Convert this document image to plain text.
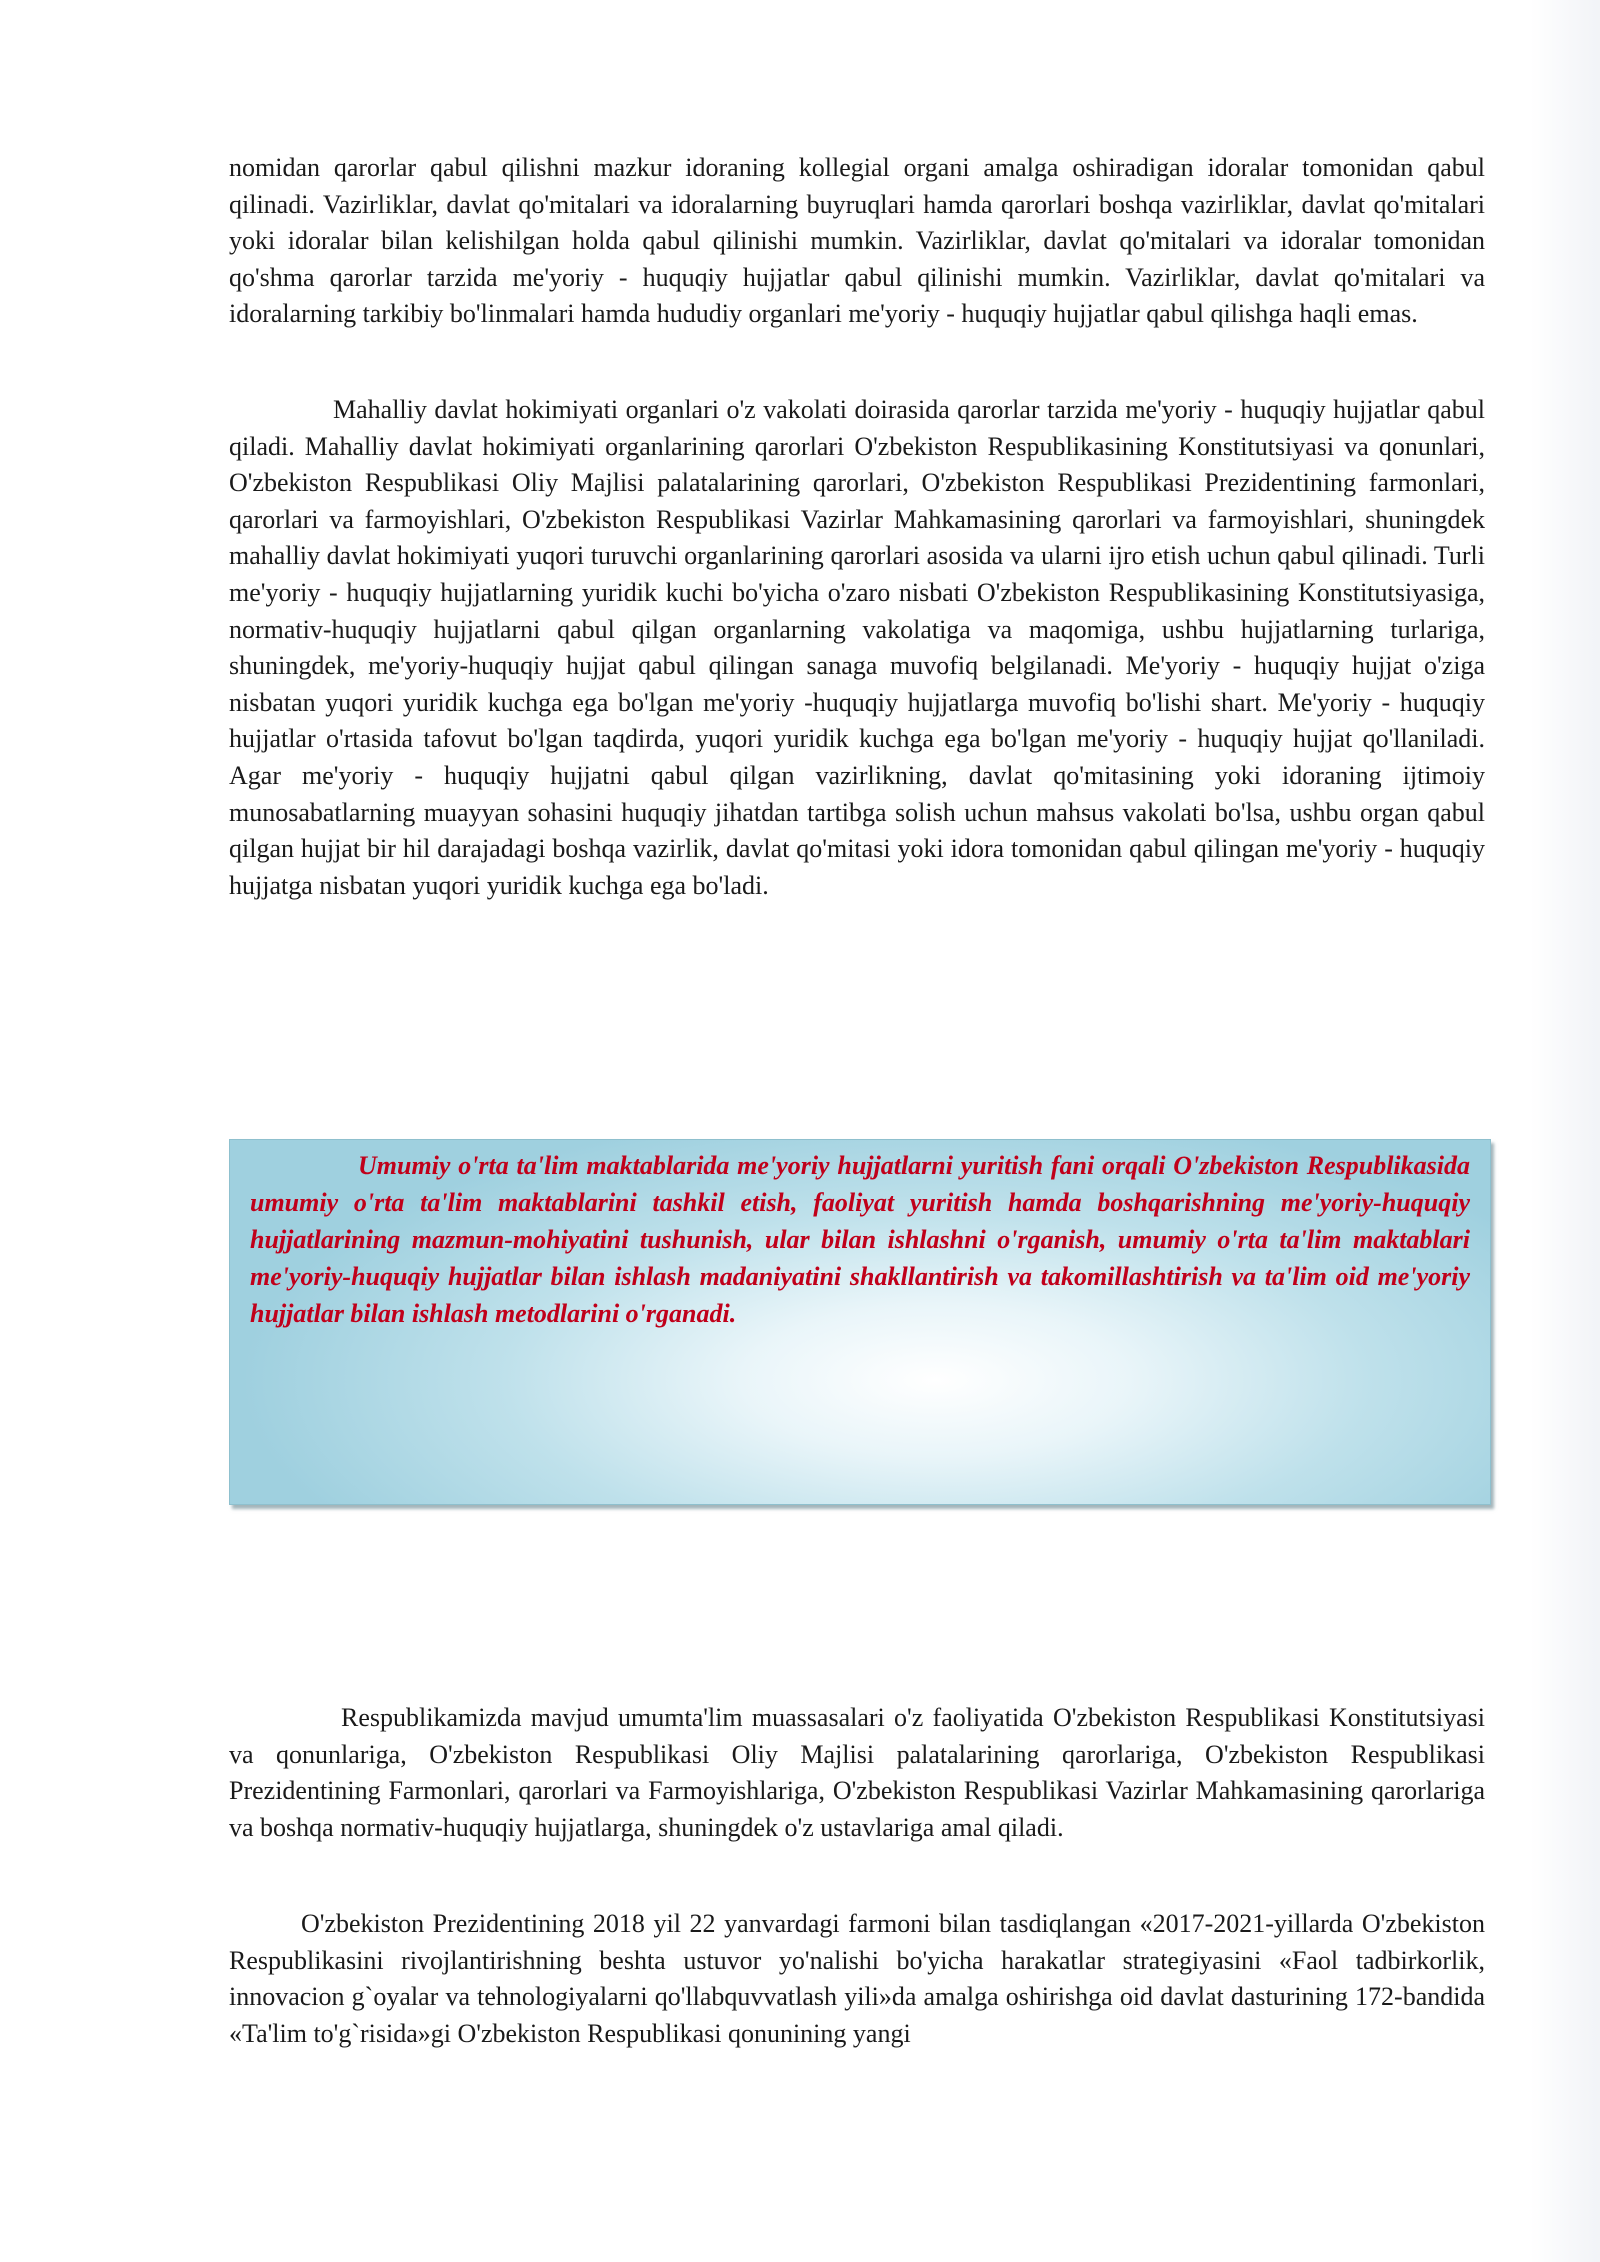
nomidan qarorlar qabul qilishni mazkur idoraning kollegial organi amalga oshiradigan idoralar tomonidan qabul qilinadi. Vazirliklar, davlat qo'mitalari va idoralarning buyruqlari hamda qarorlari boshqa vazirliklar, davlat qo'mitalari yoki idoralar bilan kelishilgan holda qabul qilinishi mumkin. Vazirliklar, davlat qo'mitalari va idoralar tomonidan qo'shma qarorlar tarzida me'yoriy - huquqiy hujjatlar qabul qilinishi mumkin. Vazirliklar, davlat qo'mitalari va idoralarning tarkibiy bo'linmalari hamda hududiy organlari me'yoriy - huquqiy hujjatlar qabul qilishga haqli emas.

Mahalliy davlat hokimiyati organlari o'z vakolati doirasida qarorlar tarzida me'yoriy - huquqiy hujjatlar qabul qiladi. Mahalliy davlat hokimiyati organlarining qarorlari O'zbekiston Respublikasining Konstitutsiyasi va qonunlari, O'zbekiston Respublikasi Oliy Majlisi palatalarining qarorlari, O'zbekiston Respublikasi Prezidentining farmonlari, qarorlari va farmoyishlari, O'zbekiston Respublikasi Vazirlar Mahkamasining qarorlari va farmoyishlari, shuningdek mahalliy davlat hokimiyati yuqori turuvchi organlarining qarorlari asosida va ularni ijro etish uchun qabul qilinadi. Turli me'yoriy - huquqiy hujjatlarning yuridik kuchi bo'yicha o'zaro nisbati O'zbekiston Respublikasining Konstitutsiyasiga, normativ-huquqiy hujjatlarni qabul qilgan organlarning vakolatiga va maqomiga, ushbu hujjatlarning turlariga, shuningdek, me'yoriy-huquqiy hujjat qabul qilingan sanaga muvofiq belgilanadi. Me'yoriy - huquqiy hujjat o'ziga nisbatan yuqori yuridik kuchga ega bo'lgan me'yoriy -huquqiy hujjatlarga muvofiq bo'lishi shart. Me'yoriy - huquqiy hujjatlar o'rtasida tafovut bo'lgan taqdirda, yuqori yuridik kuchga ega bo'lgan me'yoriy - huquqiy hujjat qo'llaniladi. Agar me'yoriy - huquqiy hujjatni qabul qilgan vazirlikning, davlat qo'mitasining yoki idoraning ijtimoiy munosabatlarning muayyan sohasini huquqiy jihatdan tartibga solish uchun mahsus vakolati bo'lsa, ushbu organ qabul qilgan hujjat bir hil darajadagi boshqa vazirlik, davlat qo'mitasi yoki idora tomonidan qabul qilingan me'yoriy - huquqiy hujjatga nisbatan yuqori yuridik kuchga ega bo'ladi.

Umumiy o'rta ta'lim maktablarida me'yoriy hujjatlarni yuritish fani orqali O'zbekiston Respublikasida umumiy o'rta ta'lim maktablarini tashkil etish, faoliyat yuritish hamda boshqarishning me'yoriy-huquqiy hujjatlarining mazmun-mohiyatini tushunish, ular bilan ishlashni o'rganish, umumiy o'rta ta'lim maktablari me'yoriy-huquqiy hujjatlar bilan ishlash madaniyatini shakllantirish va takomillashtirish va ta'lim oid me'yoriy hujjatlar bilan ishlash metodlarini o'rganadi.

Respublikamizda mavjud umumta'lim muassasalari o'z faoliyatida O'zbekiston Respublikasi Konstitutsiyasi va qonunlariga, O'zbekiston Respublikasi Oliy Majlisi palatalarining qarorlariga, O'zbekiston Respublikasi Prezidentining Farmonlari, qarorlari va Farmoyishlariga, O'zbekiston Respublikasi Vazirlar Mahkamasining qarorlariga va boshqa normativ-huquqiy hujjatlarga, shuningdek o'z ustavlariga amal qiladi.

O'zbekiston Prezidentining 2018 yil 22 yanvardagi farmoni bilan tasdiqlangan «2017-2021-yillarda O'zbekiston Respublikasini rivojlantirishning beshta ustuvor yo'nalishi bo'yicha harakatlar strategiyasini «Faol tadbirkorlik, innovacion g`oyalar va tehnologiyalarni qo'llabquvvatlash yili»da amalga oshirishga oid davlat dasturining 172-bandida «Ta'lim to'g`risida»gi O'zbekiston Respublikasi qonunining yangi
